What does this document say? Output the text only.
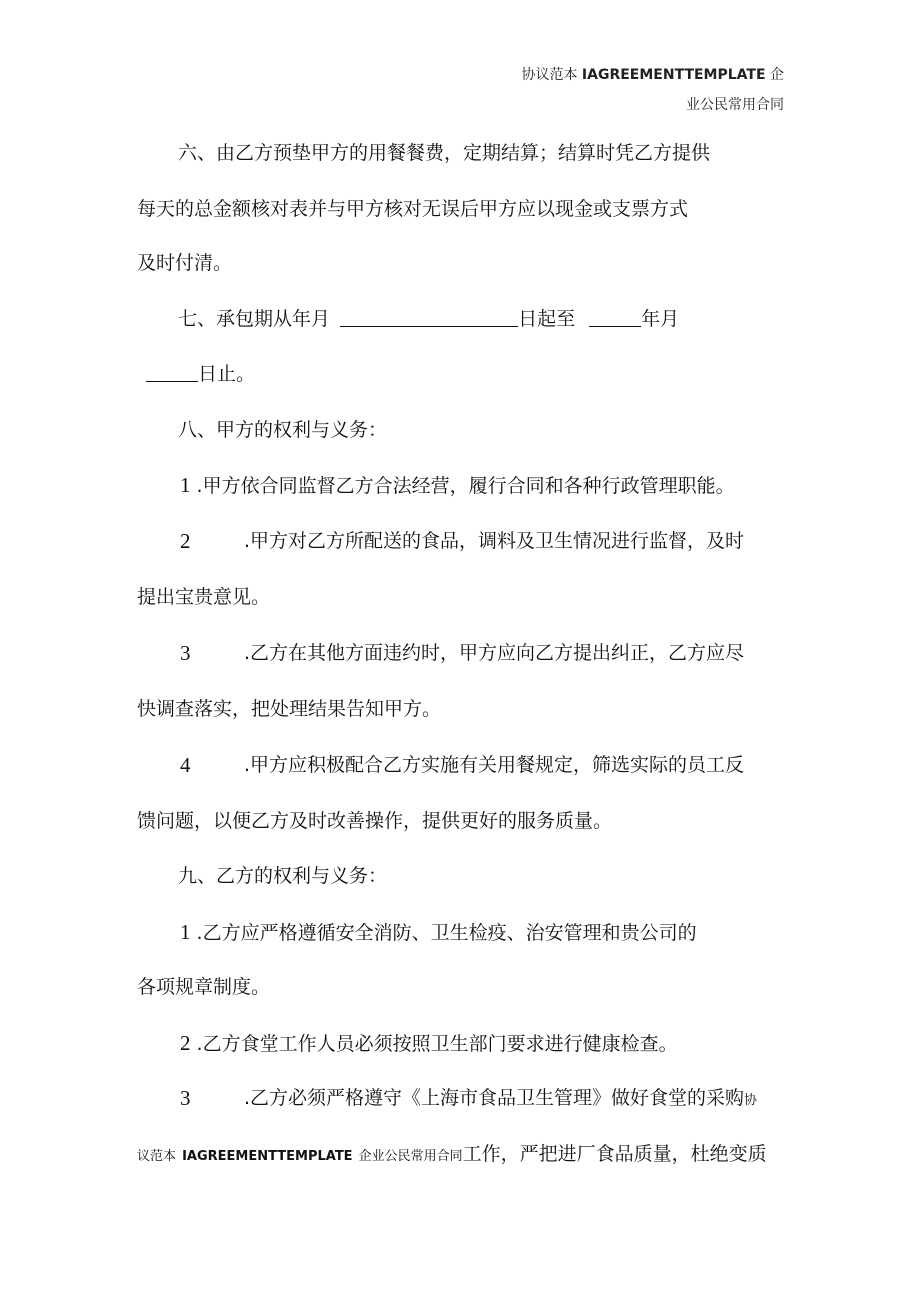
协议范本 IAGREEMENTTEMPLATE 企
业公民常用合同
六、由乙方预垫甲方的用餐餐费，定期结算；结算时凭乙方提供
每天的总金额核对表并与甲方核对无误后甲方应以现金或支票方式
及时付清。
七、承包期从年月	日起至	年月
日止。
八、甲方的权利与义务：
1 .甲方依合同监督乙方合法经营，履行合同和各种行政管理职能。
2	.甲方对乙方所配送的食品，调料及卫生情况进行监督，及时
提出宝贵意见。
3	.乙方在其他方面违约时，甲方应向乙方提出纠正，乙方应尽
快调查落实，把处理结果告知甲方。
4	.甲方应积极配合乙方实施有关用餐规定，筛选实际的员工反
馈问题，以便乙方及时改善操作，提供更好的服务质量。
九、乙方的权利与义务：
1 .乙方应严格遵循安全消防、卫生检疫、治安管理和贵公司的
各项规章制度。
2 .乙方食堂工作人员必须按照卫生部门要求进行健康检查。
3	.乙方必须严格遵守《上海市食品卫生管理》做好食堂的采购协
议范本 IAGREEMENTTEMPLATE 企业公民常用合同工作，严把进厂食品质量，杜绝变质
